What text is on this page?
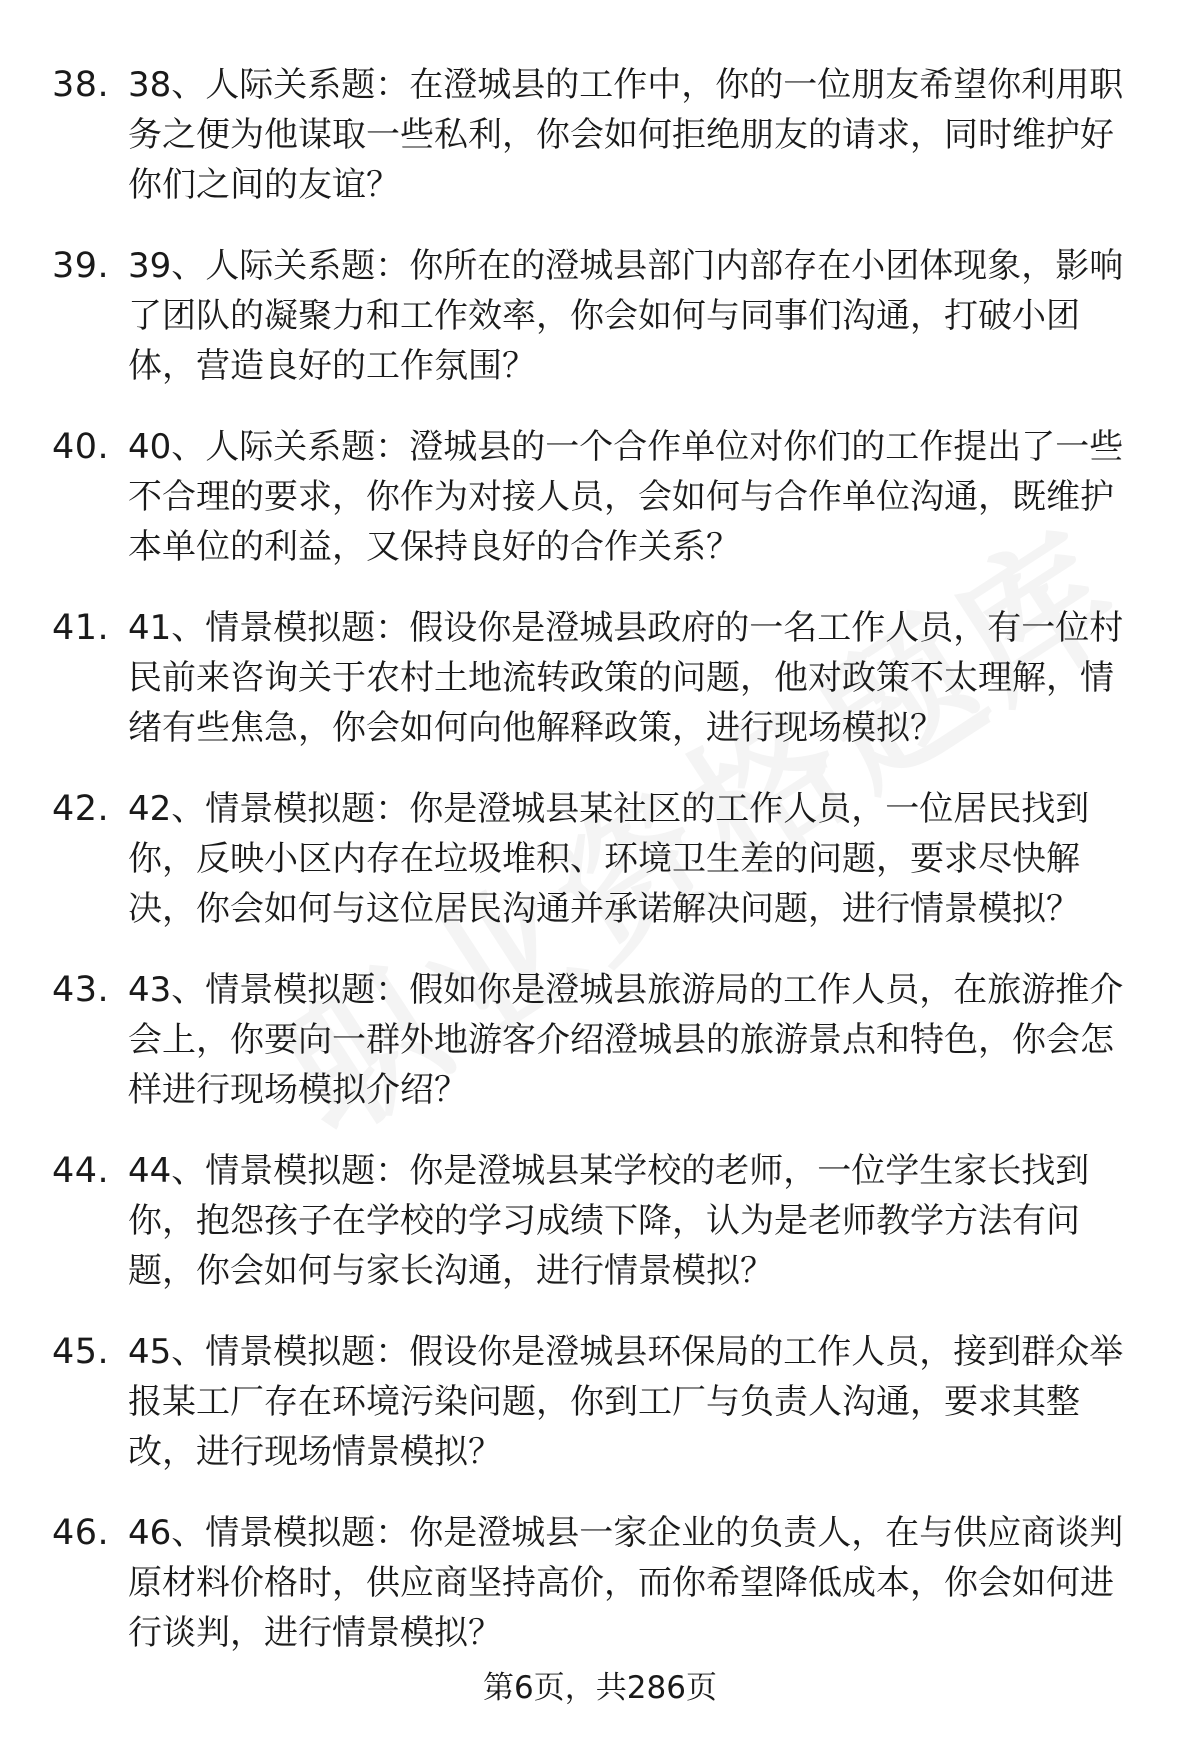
38. 38、人际关系题：在澄城县的工作中，你的一位朋友希望你利用职务之便为他谋取一些私利，你会如何拒绝朋友的请求，同时维护好你们之间的友谊？
39. 39、人际关系题：你所在的澄城县部门内部存在小团体现象，影响了团队的凝聚力和工作效率，你会如何与同事们沟通，打破小团体，营造良好的工作氛围？
40. 40、人际关系题：澄城县的一个合作单位对你们的工作提出了一些不合理的要求，你作为对接人员，会如何与合作单位沟通，既维护本单位的利益，又保持良好的合作关系？
41. 41、情景模拟题：假设你是澄城县政府的一名工作人员，有一位村民前来咨询关于农村土地流转政策的问题，他对政策不太理解，情绪有些焦急，你会如何向他解释政策，进行现场模拟？
42. 42、情景模拟题：你是澄城县某社区的工作人员，一位居民找到你，反映小区内存在垃圾堆积、环境卫生差的问题，要求尽快解决，你会如何与这位居民沟通并承诺解决问题，进行情景模拟？
43. 43、情景模拟题：假如你是澄城县旅游局的工作人员，在旅游推介会上，你要向一群外地游客介绍澄城县的旅游景点和特色，你会怎样进行现场模拟介绍？
44. 44、情景模拟题：你是澄城县某学校的老师，一位学生家长找到你，抱怨孩子在学校的学习成绩下降，认为是老师教学方法有问题，你会如何与家长沟通，进行情景模拟？
45. 45、情景模拟题：假设你是澄城县环保局的工作人员，接到群众举报某工厂存在环境污染问题，你到工厂与负责人沟通，要求其整改，进行现场情景模拟？
46. 46、情景模拟题：你是澄城县一家企业的负责人，在与供应商谈判原材料价格时，供应商坚持高价，而你希望降低成本，你会如何进行谈判，进行情景模拟？
第6页，共286页
